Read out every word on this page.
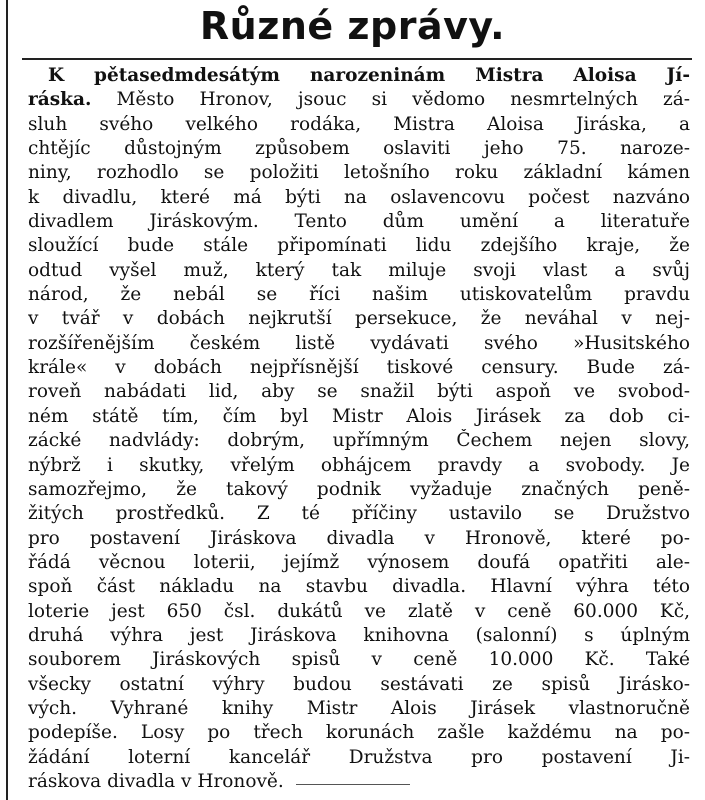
Různé zprávy.
K pětasedmdesátým narozeninám Mistra Aloisa Jí-
ráska. Město Hronov, jsouc si vědomo nesmrtelných zá-
sluh svého velkého rodáka, Mistra Aloisa Jiráska, a
chtějíc důstojným způsobem oslaviti jeho 75. naroze-
niny, rozhodlo se položiti letošního roku základní kámen
k divadlu, které má býti na oslavencovu počest nazváno
divadlem Jiráskovým. Tento dům umění a literatuře
sloužící bude stále připomínati lidu zdejšího kraje, že
odtud vyšel muž, který tak miluje svoji vlast a svůj
národ, že nebál se říci našim utiskovatelům pravdu
v tvář v dobách nejkrutší persekuce, že neváhal v nej-
rozšířenějším českém listě vydávati svého »Husitského
krále« v dobách nejpřísnější tiskové censury. Bude zá-
roveň nabádati lid, aby se snažil býti aspoň ve svobod-
ném státě tím, čím byl Mistr Alois Jirásek za dob ci-
zácké nadvlády: dobrým, upřímným Čechem nejen slovy,
nýbrž i skutky, vřelým obhájcem pravdy a svobody. Je
samozřejmo, že takový podnik vyžaduje značných peně-
žitých prostředků. Z té příčiny ustavilo se Družstvo
pro postavení Jiráskova divadla v Hronově, které po-
řádá věcnou loterii, jejímž výnosem doufá opatřiti ale-
spoň část nákladu na stavbu divadla. Hlavní výhra této
loterie jest 650 čsl. dukátů ve zlatě v ceně 60.000 Kč,
druhá výhra jest Jiráskova knihovna (salonní) s úplným
souborem Jiráskových spisů v ceně 10.000 Kč. Také
všecky ostatní výhry budou sestávati ze spisů Jirásko-
vých. Vyhrané knihy Mistr Alois Jirásek vlastnoručně
podepíše. Losy po třech korunách zašle každému na po-
žádání loterní kancelář Družstva pro postavení Ji-
ráskova divadla v Hronově.
